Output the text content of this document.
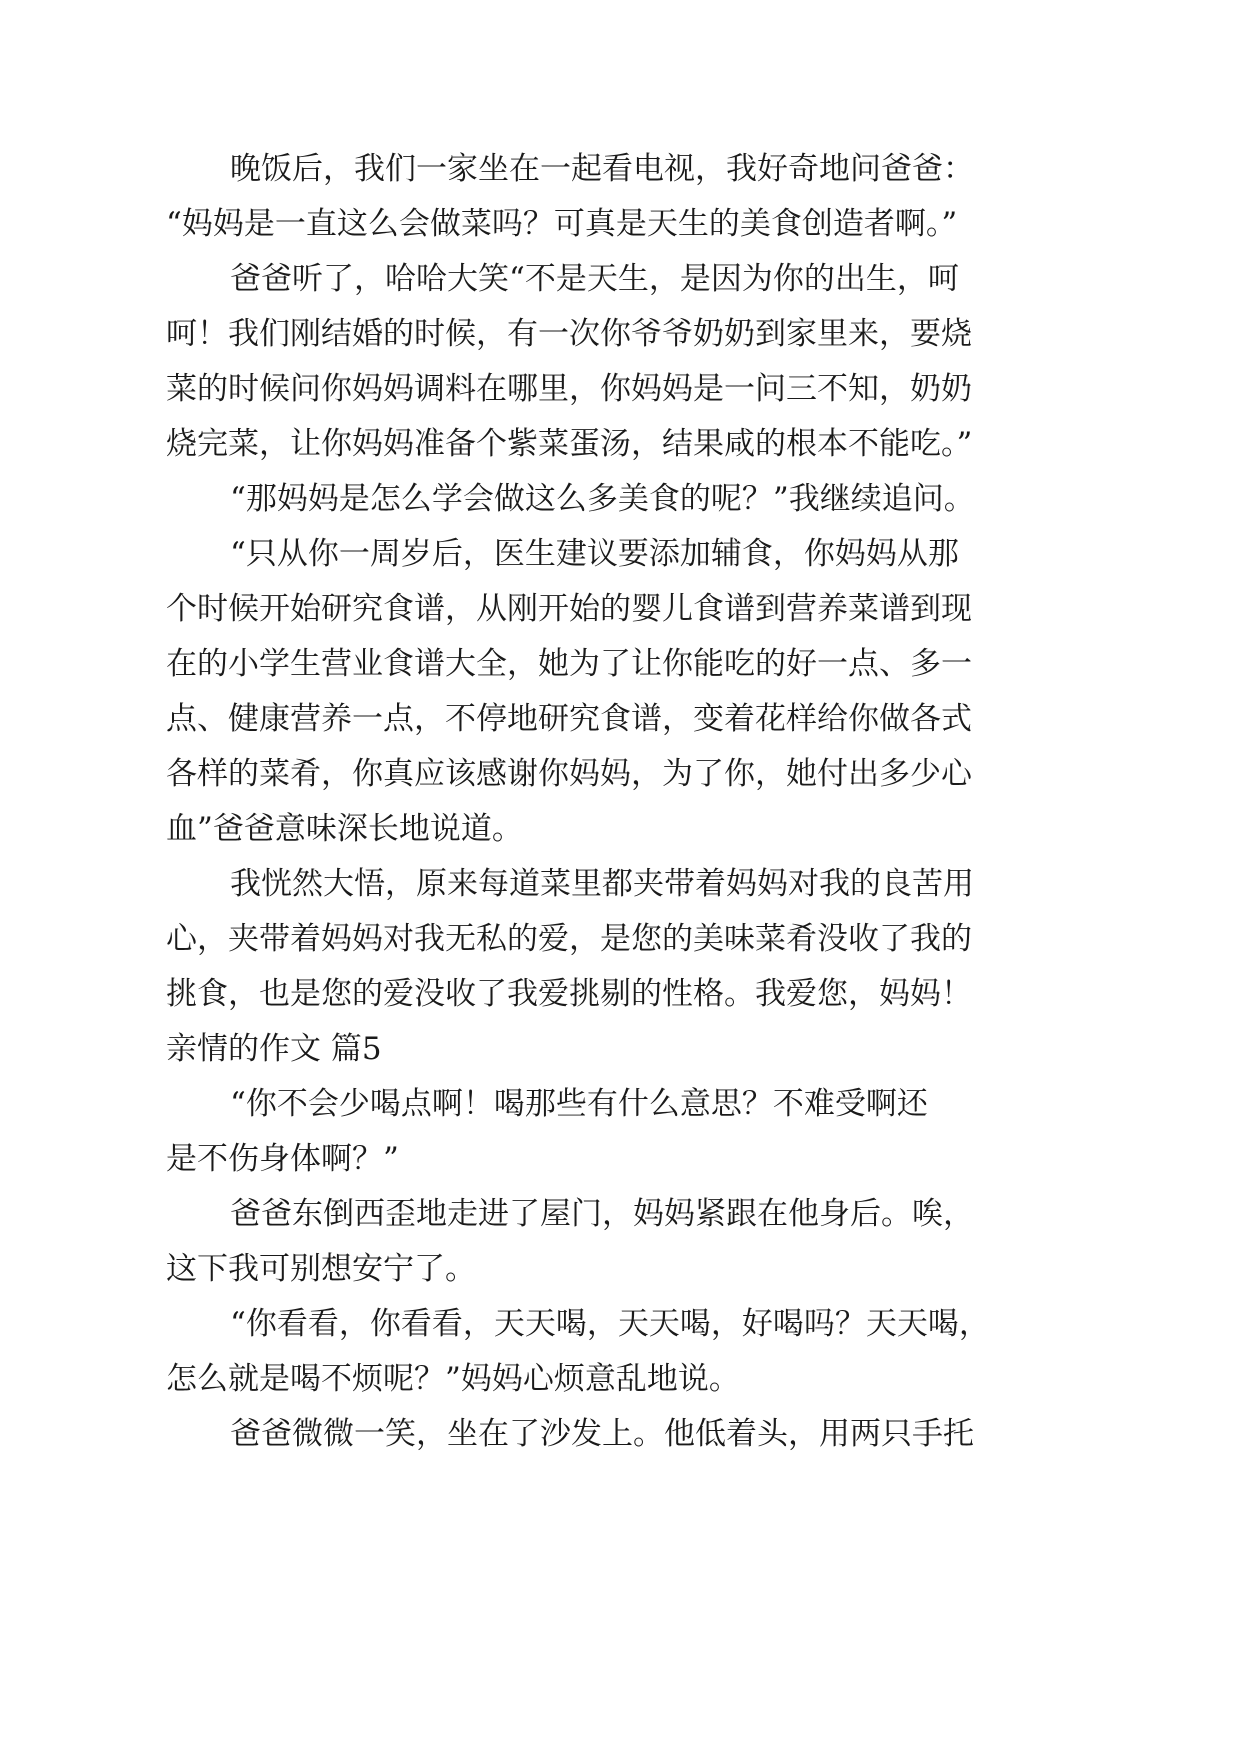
晚饭后，我们一家坐在一起看电视，我好奇地问爸爸：

“妈妈是一直这么会做菜吗？可真是天生的美食创造者啊。”

爸爸听了，哈哈大笑“不是天生，是因为你的出生，呵

呵！我们刚结婚的时候，有一次你爷爷奶奶到家里来，要烧

菜的时候问你妈妈调料在哪里，你妈妈是一问三不知，奶奶

烧完菜，让你妈妈准备个紫菜蛋汤，结果咸的根本不能吃。”

“那妈妈是怎么学会做这么多美食的呢？”我继续追问。

“只从你一周岁后，医生建议要添加辅食，你妈妈从那

个时候开始研究食谱，从刚开始的婴儿食谱到营养菜谱到现

在的小学生营业食谱大全，她为了让你能吃的好一点、多一

点、健康营养一点，不停地研究食谱，变着花样给你做各式

各样的菜肴，你真应该感谢你妈妈，为了你，她付出多少心

血”爸爸意味深长地说道。

我恍然大悟，原来每道菜里都夹带着妈妈对我的良苦用

心，夹带着妈妈对我无私的爱，是您的美味菜肴没收了我的

挑食，也是您的爱没收了我爱挑剔的性格。我爱您，妈妈！

亲情的作文 篇5

“你不会少喝点啊！喝那些有什么意思？不难受啊还

是不伤身体啊？”

爸爸东倒西歪地走进了屋门，妈妈紧跟在他身后。唉，

这下我可别想安宁了。

“你看看，你看看，天天喝，天天喝，好喝吗？天天喝，

怎么就是喝不烦呢？”妈妈心烦意乱地说。

爸爸微微一笑，坐在了沙发上。他低着头，用两只手托
